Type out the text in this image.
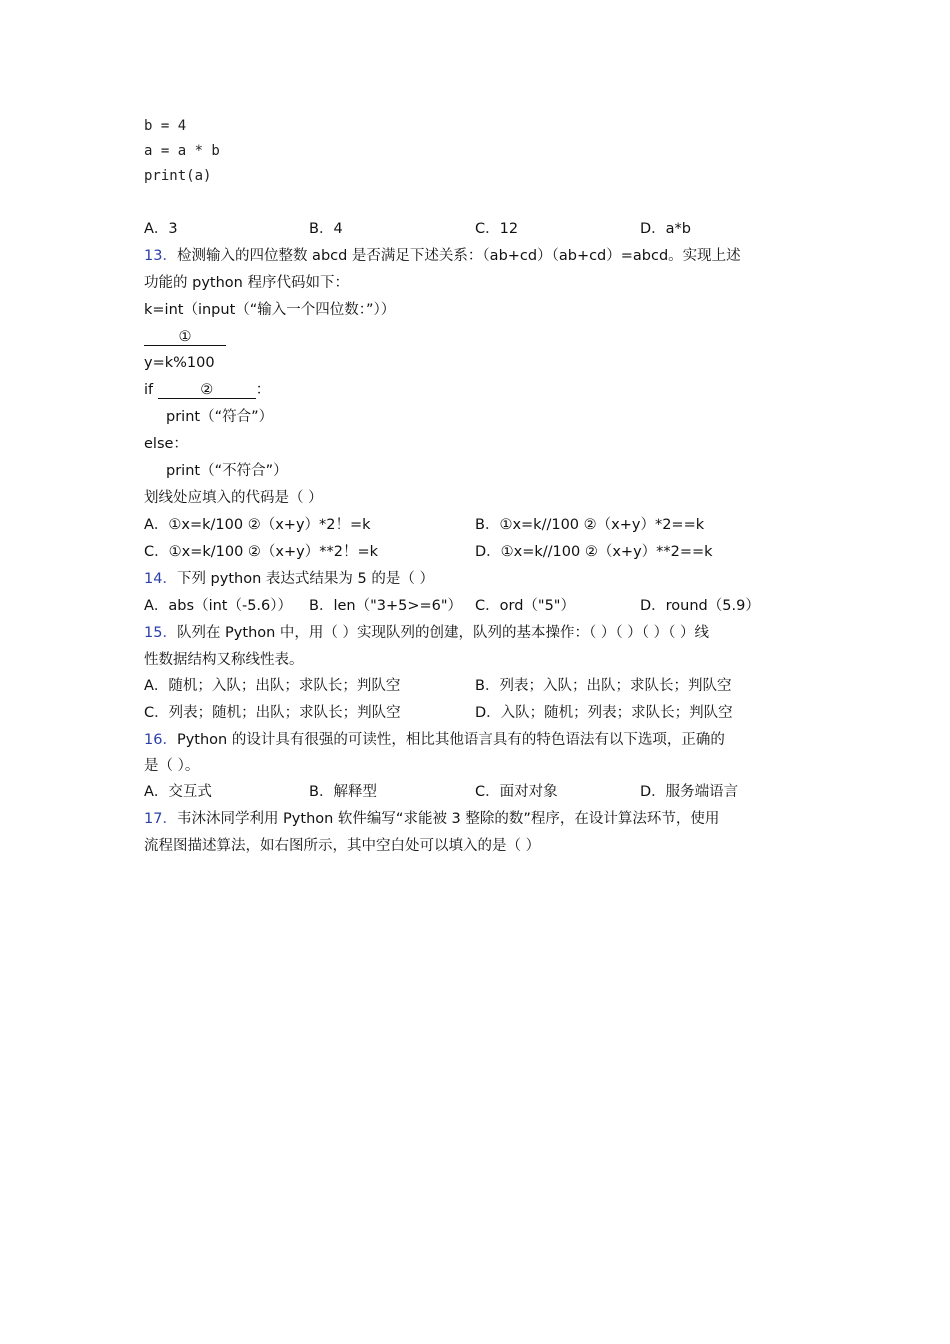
b = 4
a = a * b
print(a)
A．3	B．4	C．12	D．a*b
13．检测输入的四位整数 abcd 是否满足下述关系：（ab+cd）（ab+cd）=abcd。实现上述
功能的 python 程序代码如下：
k=int（input（“输入一个四位数：”））
①
y=k%100
if	②	：
print（“符合”）
else：
print（“不符合”）
划线处应填入的代码是（ ）
A．①x=k/100 ②（x+y）*2！=k	B．①x=k//100 ②（x+y）*2==k
C．①x=k/100 ②（x+y）**2！=k	D．①x=k//100 ②（x+y）**2==k
14．下列 python 表达式结果为 5 的是（ ）
A．abs（int（-5.6）） B．len（"3+5>=6"） C．ord（"5"）	D．round（5.9）
15．队列在 Python 中，用（ ）实现队列的创建，队列的基本操作：（ ）（ ）（ ）（ ）线
性数据结构又称线性表。
A．随机；入队；出队；求队长；判队空	B．列表；入队；出队；求队长；判队空
C．列表；随机；出队；求队长；判队空	D．入队；随机；列表；求队长；判队空
16．Python 的设计具有很强的可读性，相比其他语言具有的特色语法有以下选项，正确的
是（ ）。
A．交互式	B．解释型	C．面对对象	D．服务端语言
17．韦沐沐同学利用 Python 软件编写“求能被 3 整除的数”程序，在设计算法环节，使用
流程图描述算法，如右图所示，其中空白处可以填入的是（ ）
